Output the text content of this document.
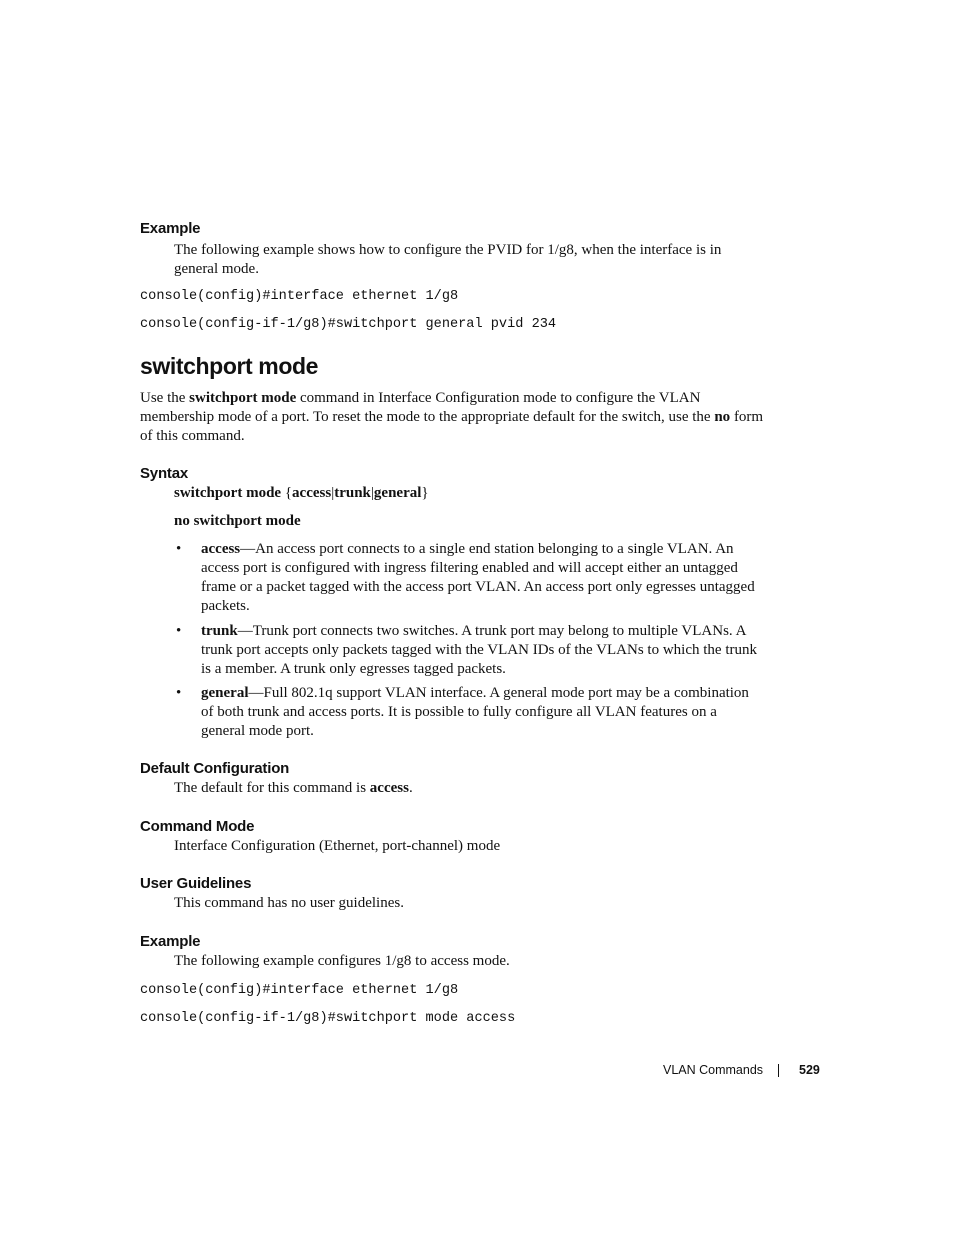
Example

The following example shows how to configure the PVID for 1/g8, when the interface is in general mode.

console(config)#interface ethernet 1/g8
console(config-if-1/g8)#switchport general pvid 234
switchport mode

Use the switchport mode command in Interface Configuration mode to configure the VLAN membership mode of a port. To reset the mode to the appropriate default for the switch, use the no form of this command.

Syntax

switchport mode {access|trunk|general}

no switchport mode

• access—An access port connects to a single end station belonging to a single VLAN. An access port is configured with ingress filtering enabled and will accept either an untagged frame or a packet tagged with the access port VLAN. An access port only egresses untagged packets.

• trunk—Trunk port connects two switches. A trunk port may belong to multiple VLANs. A trunk port accepts only packets tagged with the VLAN IDs of the VLANs to which the trunk is a member. A trunk only egresses tagged packets.

• general—Full 802.1q support VLAN interface. A general mode port may be a combination of both trunk and access ports. It is possible to fully configure all VLAN features on a general mode port.

Default Configuration

The default for this command is access.

Command Mode

Interface Configuration (Ethernet, port-channel) mode

User Guidelines

This command has no user guidelines.

Example

The following example configures 1/g8 to access mode.

console(config)#interface ethernet 1/g8
console(config-if-1/g8)#switchport mode access
VLAN Commands	529
